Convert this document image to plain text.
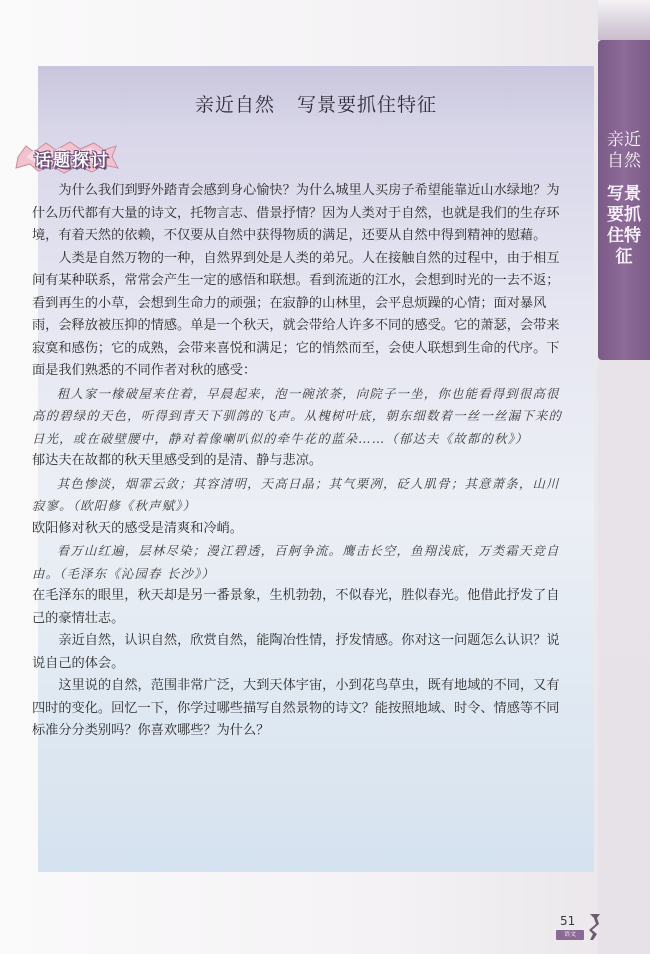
亲近自然
写景要抓住特征
亲近自然 写景要抓住特征
话题探讨

为什么我们到野外踏青会感到身心愉快？为什么城里人买房子希望能靠近山水绿地？为什么历代都有大量的诗文，托物言志、借景抒情？因为人类对于自然，也就是我们的生存环境，有着天然的依赖，不仅要从自然中获得物质的满足，还要从自然中得到精神的慰藉。

人类是自然万物的一种，自然界到处是人类的弟兄。人在接触自然的过程中，由于相互间有某种联系，常常会产生一定的感悟和联想。看到流逝的江水，会想到时光的一去不返；看到再生的小草，会想到生命力的顽强；在寂静的山林里，会平息烦躁的心情；面对暴风雨，会释放被压抑的情感。单是一个秋天，就会带给人许多不同的感受。它的萧瑟，会带来寂寞和感伤；它的成熟，会带来喜悦和满足；它的悄然而至，会使人联想到生命的代序。下面是我们熟悉的不同作者对秋的感受：

租人家一椽破屋来住着，早晨起来，泡一碗浓茶，向院子一坐，你也能看得到很高很高的碧绿的天色，听得到青天下驯鸽的飞声。从槐树叶底，朝东细数着一丝一丝漏下来的日光，或在破壁腰中，静对着像喇叭似的牵牛花的蓝朵……（郁达夫《故都的秋》）

郁达夫在故都的秋天里感受到的是清、静与悲凉。

其色惨淡，烟霏云敛；其容清明，天高日晶；其气栗冽，砭人肌骨；其意萧条，山川寂寥。（欧阳修《秋声赋》）

欧阳修对秋天的感受是清爽和冷峭。

看万山红遍，层林尽染；漫江碧透，百舸争流。鹰击长空，鱼翔浅底，万类霜天竞自由。（毛泽东《沁园春 长沙》）

在毛泽东的眼里，秋天却是另一番景象，生机勃勃，不似春光，胜似春光。他借此抒发了自己的豪情壮志。

亲近自然，认识自然，欣赏自然，能陶冶性情，抒发情感。你对这一问题怎么认识？说说自己的体会。

这里说的自然，范围非常广泛，大到天体宇宙，小到花鸟草虫，既有地域的不同，又有四时的变化。回忆一下，你学过哪些描写自然景物的诗文？能按照地域、时令、情感等不同标准分分类别吗？你喜欢哪些？为什么？

51
语文
